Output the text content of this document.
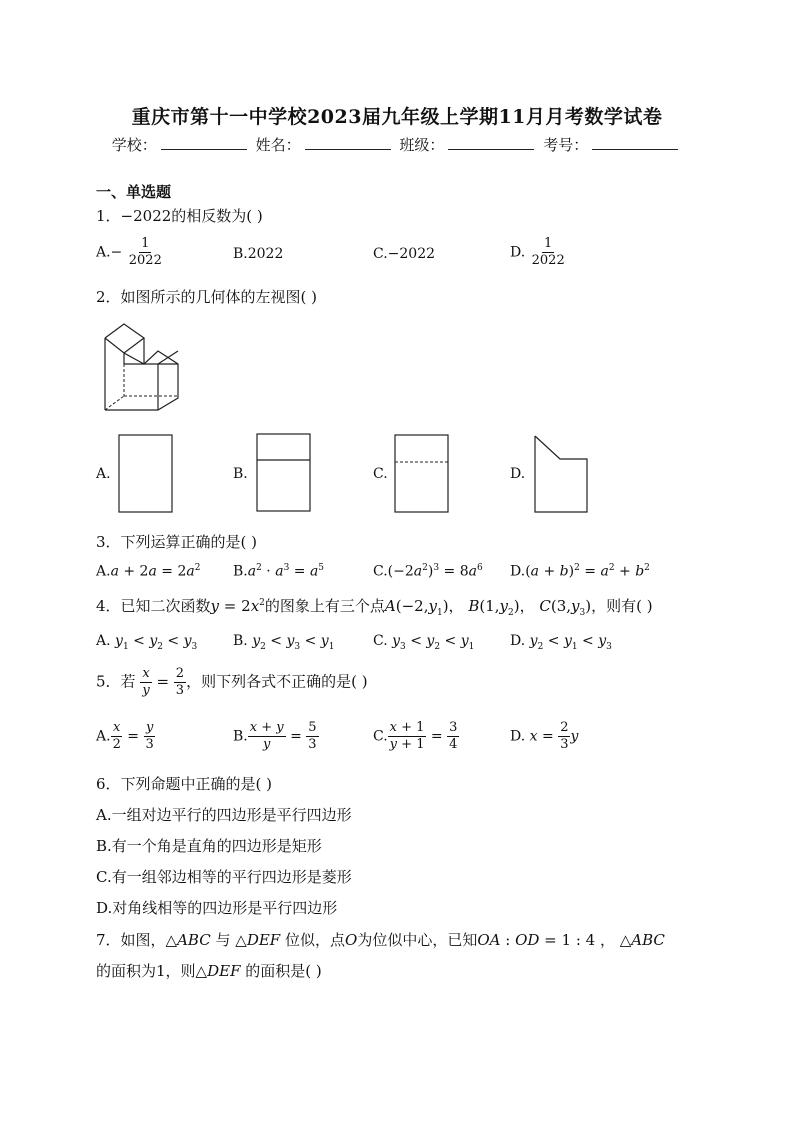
重庆市第十一中学校2023届九年级上学期11月月考数学试卷
学校：	姓名：	班级：	考号：
一、单选题
1．−2022的相反数为( )
$A.- \frac{1}{2022}$	B.2022	C.−2022	D. $\frac{1}{2022}$
2．如图所示的几何体的左视图( )
A.	B.	C.	D.
3．下列运算正确的是( )
$A.a + 2a = 2a^2$ $B.a^2 \cdot a^3 = a^5$	$C.(-2a^2)^3 = 8a^6$ $D.(a + b)^2 = a^2 + b^2$
4．已知二次函数$y = 2x^2$的图象上有三个点$A(-2,y_1)$， $B(1,y_2)$， $C(3,y_3)$，则有( )
A. $y_1 < y_2 < y_3$	B. $y_2 < y_3 < y_1$	C. $y_3 < y_2 < y_1$	D. $y_2 < y_1 < y_3$
5．若 $\frac{x}{y} = \frac{2}{3}$ ，则下列各式不正确的是( )
A. $\frac{x}{2} = \frac{y}{3}$	B. $\frac{x + y}{y} = \frac{5}{3}$	C. $\frac{x + 1}{y + 1} = \frac{3}{4}$	D. $x = \frac{2}{3}$ y
6．下列命题中正确的是( )
A.一组对边平行的四边形是平行四边形
B.有一个角是直角的四边形是矩形
C.有一组邻边相等的平行四边形是菱形
D.对角线相等的四边形是平行四边形
7．如图，△ABC 与 △DEF 位似，点O为位似中心，已知OA : OD = 1 : 4 ， △ABC
的面积为1，则△DEF 的面积是( )
